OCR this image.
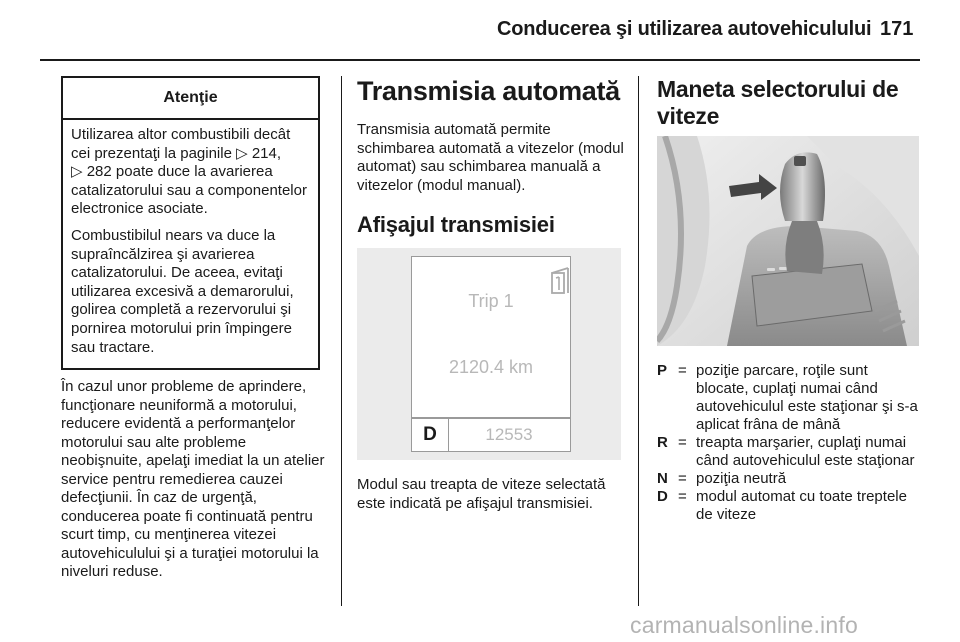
Conducerea şi utilizarea autovehiculului 171
Atenţie

Utilizarea altor combustibili decât cei prezentaţi la paginile ▷ 214,
▷ 282 poate duce la avarierea catalizatorului sau a componentelor electronice asociate.

Combustibilul nears va duce la supraîncălzirea şi avarierea catalizatorului. De aceea, evitaţi utilizarea excesivă a demarorului, golirea completă a rezervorului şi pornirea motorului prin împingere sau tractare.

În cazul unor probleme de aprindere, funcţionare neuniformă a motorului, reducere evidentă a performanţelor motorului sau alte probleme neobişnuite, apelaţi imediat la un atelier service pentru remedierea cauzei defecţiunii. În caz de urgenţă, conducerea poate fi continuată pentru scurt timp, cu menţinerea vitezei autovehiculului şi a turaţiei motorului la niveluri reduse.

Transmisia automată

Transmisia automată permite schimbarea automată a vitezelor (modul automat) sau schimbarea manuală a vitezelor (modul manual).

Afişajul transmisiei
Trip 1
2120.4 km
D	12553

Modul sau treapta de viteze selectată este indicată pe afişajul transmisiei.

Maneta selectorului de viteze
P = poziţie parcare, roţile sunt blocate, cuplaţi numai când autovehiculul este staţionar şi s-a aplicat frâna de mână
R = treapta marşarier, cuplaţi numai când autovehiculul este staţionar
N = poziţia neutră
D = modul automat cu toate treptele de viteze
carmanualsonline.info
